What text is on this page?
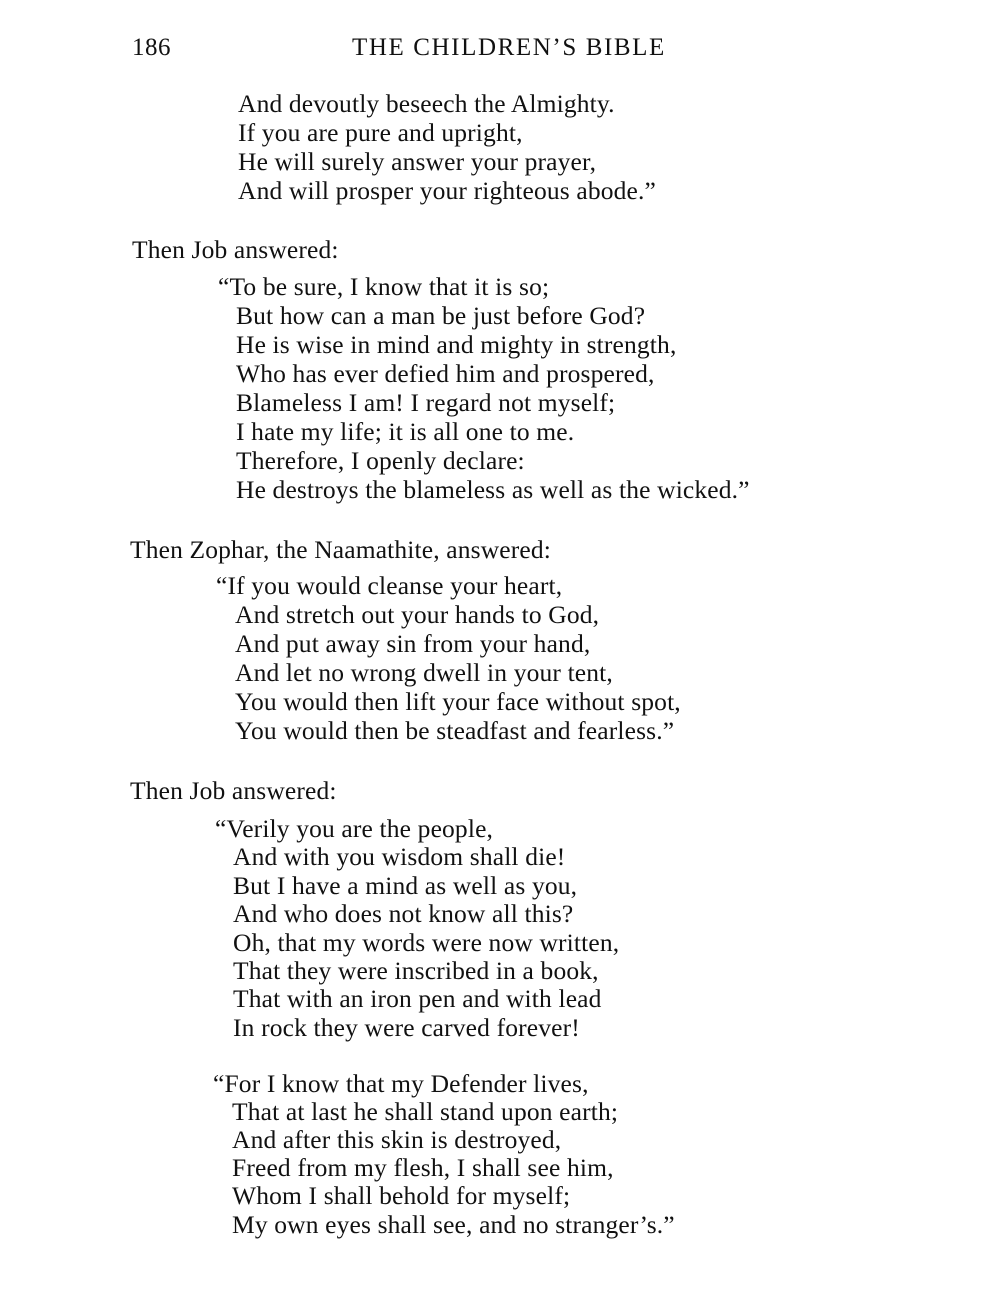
186	THE CHILDREN’S BIBLE
And devoutly beseech the Almighty.
If you are pure and upright,
He will surely answer your prayer,
And will prosper your righteous abode.”
Then Job answered:
“To be sure, I know that it is so;
But how can a man be just before God?
He is wise in mind and mighty in strength,
Who has ever defied him and prospered,
Blameless I am! I regard not myself;
I hate my life; it is all one to me.
Therefore, I openly declare:
He destroys the blameless as well as the wicked.”
Then Zophar, the Naamathite, answered:
“If you would cleanse your heart,
And stretch out your hands to God,
And put away sin from your hand,
And let no wrong dwell in your tent,
You would then lift your face without spot,
You would then be steadfast and fearless.”
Then Job answered:
“Verily you are the people,
And with you wisdom shall die!
But I have a mind as well as you,
And who does not know all this?
Oh, that my words were now written,
That they were inscribed in a book,
That with an iron pen and with lead
In rock they were carved forever!
“For I know that my Defender lives,
That at last he shall stand upon earth;
And after this skin is destroyed,
Freed from my flesh, I shall see him,
Whom I shall behold for myself;
My own eyes shall see, and no stranger’s.”
